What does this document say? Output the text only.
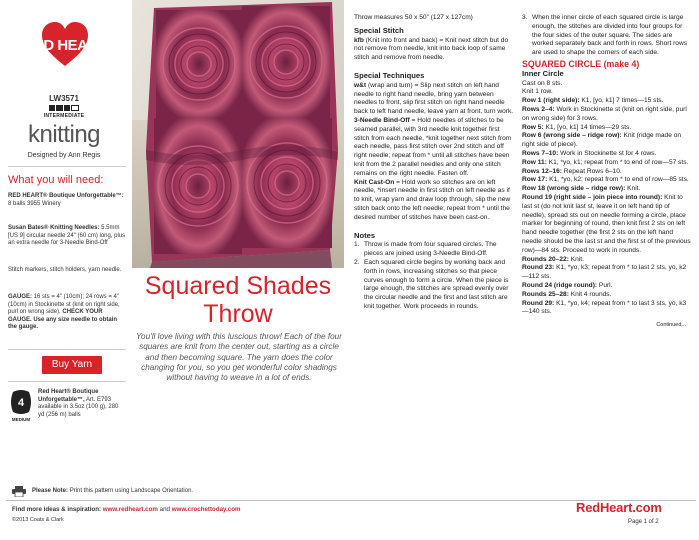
RED HEART
LW3571
INTERMEDIATE
knitting
Designed by Ann Regis
What you will need:
RED HEART® Boutique Unforgettable™: 8 balls 3955 Winery
Susan Bates® Knitting Needles: 5.5mm [US 9] circular needle 24" (60 cm) long, plus an extra needle for 3-Needle Bind-Off
Stitch markers, stitch holders, yarn needle.
GAUGE: 16 sts = 4" (10cm); 24 rows = 4" (10cm) in Stockinette st (knit on right side, purl on wrong side). CHECK YOUR GAUGE. Use any size needle to obtain the gauge.
Buy Yarn
4
MEDIUM
Red Heart® Boutique Unforgettable™, Art. E793 available in 3.5oz (100 g), 280 yd (256 m) balls
Squared Shades
Throw
You'll love living with this luscious throw! Each of the four squares are knit from the center out, starting as a circle and then becoming square. The yarn does the color changing for you, so you get wonderful color shadings without having to weave in a lot of ends.

Throw measures 50 x 50" (127 x 127cm)

Special Stitch

kfb (Knit into front and back) = Knit next stitch but do not remove from needle, knit into back loop of same stitch and remove from needle.

Special Techniques

w&t (wrap and turn) = Slip next stitch on left hand needle to right hand needle, bring yarn between needles to front, slip first stitch on right hand needle back to left hand needle, leave yarn at front, turn work.

3-Needle Bind-Off = Hold needles of stitches to be seamed parallel, with 3rd needle knit together first stitch from each needle, *knit together next stitch from each needle, pass first stitch over 2nd stitch and off right needle; repeat from * until all stitches have been knit from the 2 parallel needles and only one stitch remains on the right needle. Fasten off.

Knit Cast-On = Hold work so stitches are on left needle, *insert needle in first stitch on left needle as if to knit, wrap yarn and draw loop through, slip the new stitch back onto the left needle; repeat from * until the desired number of stitches have been cast-on.

Notes
1. Throw is made from four squared circles. The pieces are joined using 3-Needle Bind-Off.
2. Each squared circle begins by working back and forth in rows, increasing stitches so that piece curves enough to form a circle. When the piece is large enough, the stitches are spread evenly over the circular needle and the first and last stitch are knit together. Work proceeds in rounds.
3. When the inner circle of each squared circle is large enough, the stitches are divided into four groups for the four sides of the outer square. The sides are worked separately back and forth in rows. Short rows are used to shape the corners of each side.
SQUARED CIRCLE (make 4)
Inner Circle

Cast on 8 sts.

Knit 1 row.

Row 1 (right side): K1, [yo, k1] 7 times—15 sts.

Rows 2–4: Work in Stockinette st (knit on right side, purl on wrong side) for 3 rows.

Row 5: K1, [yo, k1] 14 times—29 sts.

Row 6 (wrong side – ridge row): Knit (ridge made on right side of piece).

Rows 7–10: Work in Stockinette st for 4 rows.

Row 11: K1, *yo, k1; repeat from * to end of row—57 sts.

Rows 12–16: Repeat Rows 6–10.

Row 17: K1, *yo, k2; repeat from * to end of row—85 sts.

Row 18 (wrong side – ridge row): Knit.

Round 19 (right side – join piece into round): Knit to last st (do not knit last st, leave it on left hand tip of needle), spread sts out on needle forming a circle, place marker for beginning of round, then knit first 2 sts on left hand needle together (the first 2 sts on the left hand needle should be the last st and the first st of the previous row)—84 sts. Proceed to work in rounds.

Rounds 20–22: Knit.

Round 23: K1, *yo, k3; repeat from * to last 2 sts, yo, k2—112 sts.

Round 24 (ridge round): Purl.

Rounds 25–28: Knit 4 rounds.

Round 29: K1, *yo, k4; repeat from * to last 3 sts, yo, k3—140 sts.

Continued...
Please Note: Print this pattern using Landscape Orientation.
Find more ideas & inspiration: www.redheart.com and www.crochettoday.com
©2013 Coats & Clark
RedHeart.com
Page 1 of 2
